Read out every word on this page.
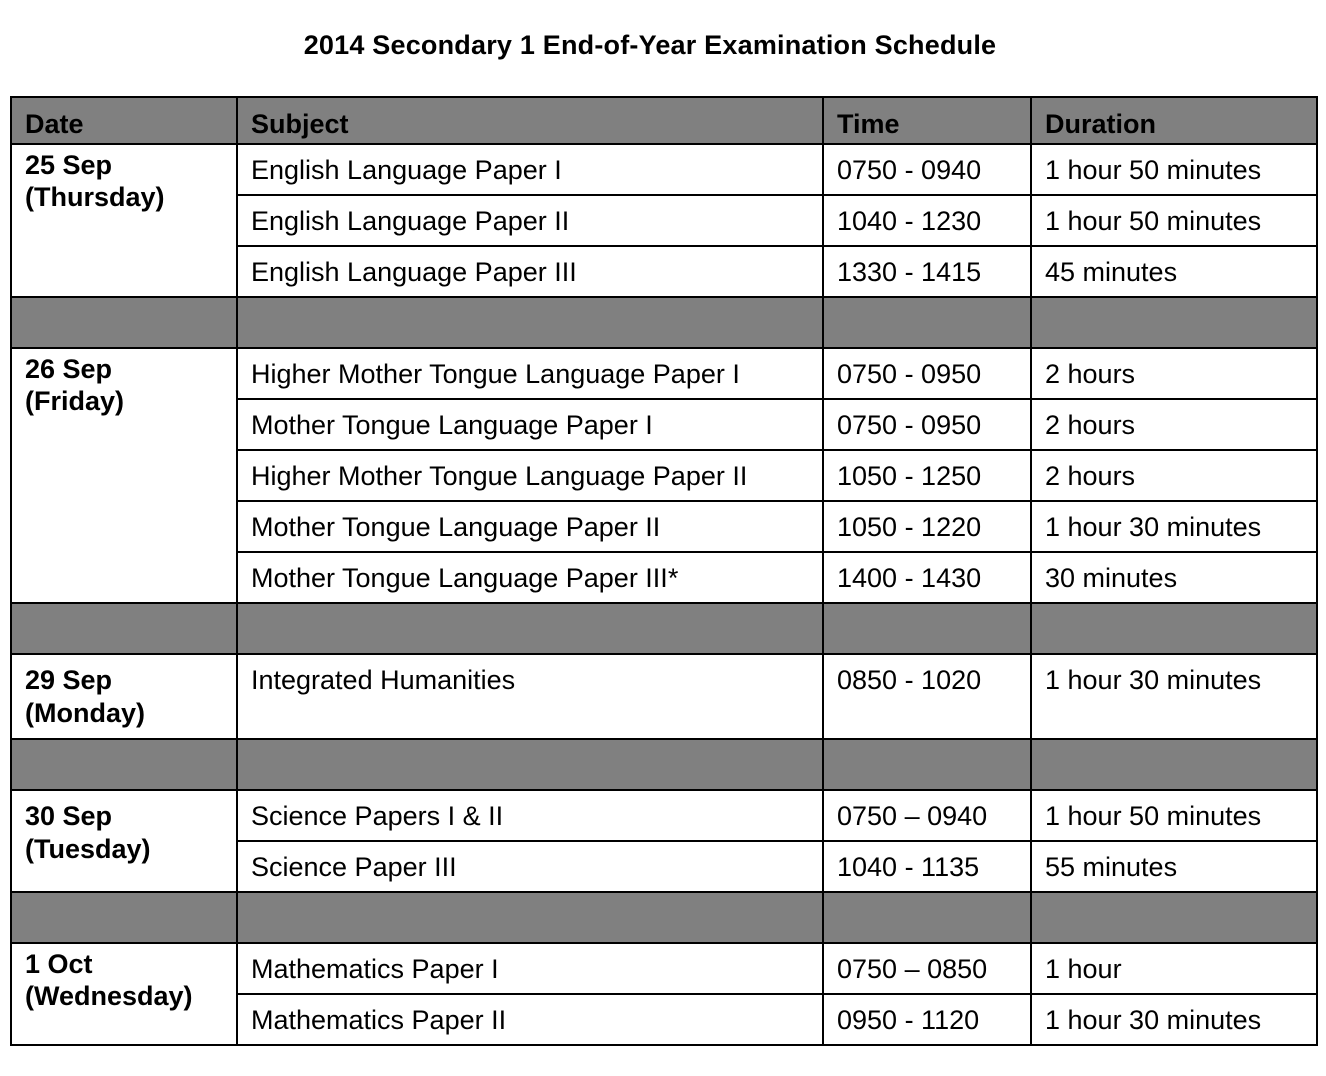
2014 Secondary 1 End-of-Year Examination Schedule
Date	Subject	Time	Duration

25 Sep
(Thursday)	English Language Paper I	0750 - 0940	1 hour 50 minutes
	English Language Paper II	1040 - 1230	1 hour 50 minutes
	English Language Paper III	1330 - 1415	45 minutes

26 Sep
(Friday)	Higher Mother Tongue Language Paper I	0750 - 0950	2 hours
	Mother Tongue Language Paper I	0750 - 0950	2 hours
	Higher Mother Tongue Language Paper II	1050 - 1250	2 hours
	Mother Tongue Language Paper II	1050 - 1220	1 hour 30 minutes
	Mother Tongue Language Paper III*	1400 - 1430	30 minutes

29 Sep
(Monday)	Integrated Humanities	0850 - 1020	1 hour 30 minutes

30 Sep
(Tuesday)	Science Papers I & II	0750 – 0940	1 hour 50 minutes
	Science Paper III	1040 - 1135	55 minutes

1 Oct
(Wednesday)	Mathematics Paper I	0750 – 0850	1 hour
	Mathematics Paper II	0950 - 1120	1 hour 30 minutes
